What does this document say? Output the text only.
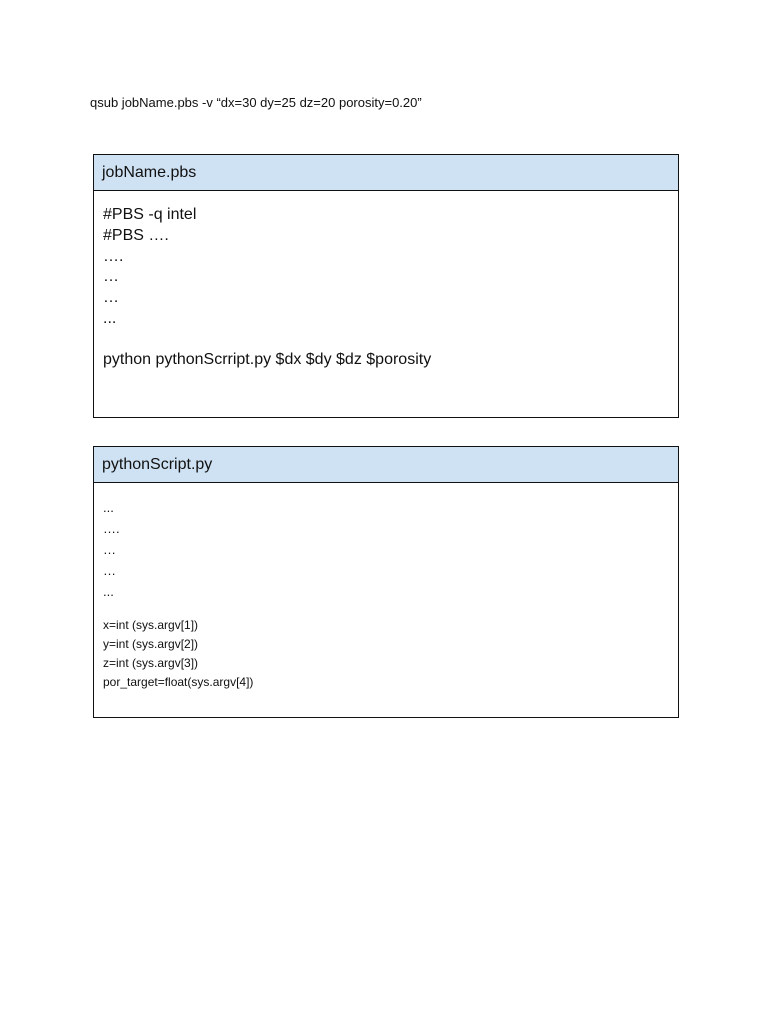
qsub jobName.pbs -v “dx=30 dy=25 dz=20 porosity=0.20”
jobName.pbs
#PBS -q intel
#PBS ….
….
…
…
...
python pythonScrript.py $dx $dy $dz $porosity
pythonScript.py
...
….
…
…
...
x=int (sys.argv[1])
y=int (sys.argv[2])
z=int (sys.argv[3])
por_target=float(sys.argv[4])
